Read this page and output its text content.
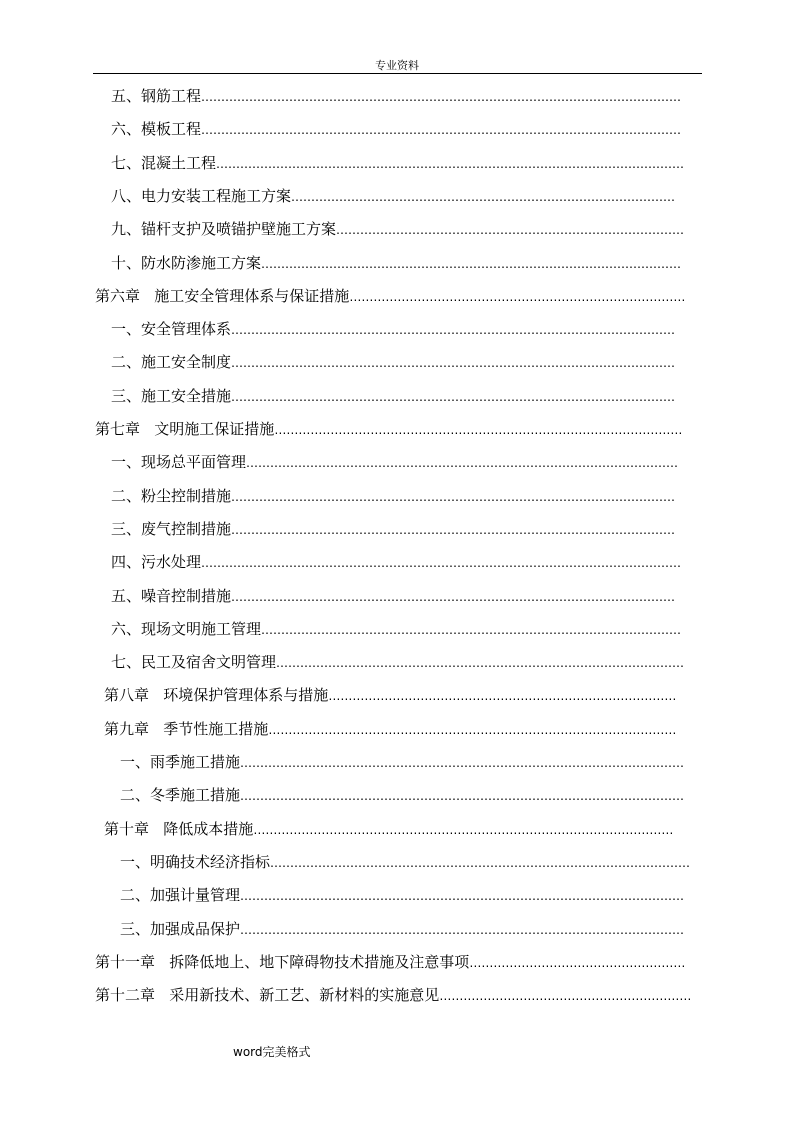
专业资料
五、钢筋工程…………………………………………………………………………………………………………
六、模板工程…………………………………………………………………………………………………………
七、混凝土工程………………………………………………………………………………………………………
八、电力安装工程施工方案……………………………………………………………………………………
九、锚杆支护及喷锚护壁施工方案……………………………………………………………………………
十、防水防渗施工方案……………………………………………………………………………………………
第六章   施工安全管理体系与保证措施…………………………………………………………………………
一、安全管理体系…………………………………………………………………………………………………
二、施工安全制度…………………………………………………………………………………………………
三、施工安全措施…………………………………………………………………………………………………
第七章   文明施工保证措施…………………………………………………………………………………………
一、现场总平面管理………………………………………………………………………………………………
二、粉尘控制措施…………………………………………………………………………………………………
三、废气控制措施…………………………………………………………………………………………………
四、污水处理…………………………………………………………………………………………………………
五、噪音控制措施…………………………………………………………………………………………………
六、现场文明施工管理……………………………………………………………………………………………
七、民工及宿舍文明管理…………………………………………………………………………………………
第八章   环境保护管理体系与措施……………………………………………………………………………
第九章   季节性施工措施…………………………………………………………………………………………
一、雨季施工措施…………………………………………………………………………………………………
二、冬季施工措施…………………………………………………………………………………………………
第十章   降低成本措施……………………………………………………………………………………………
一、明确技术经济指标……………………………………………………………………………………………
二、加强计量管理…………………………………………………………………………………………………
三、加强成品保护…………………………………………………………………………………………………
第十一章   拆降低地上、地下障碍物技术措施及注意事项………………………………………………
第十二章   采用新技术、新工艺、新材料的实施意见………………………………………………………
word完美格式
